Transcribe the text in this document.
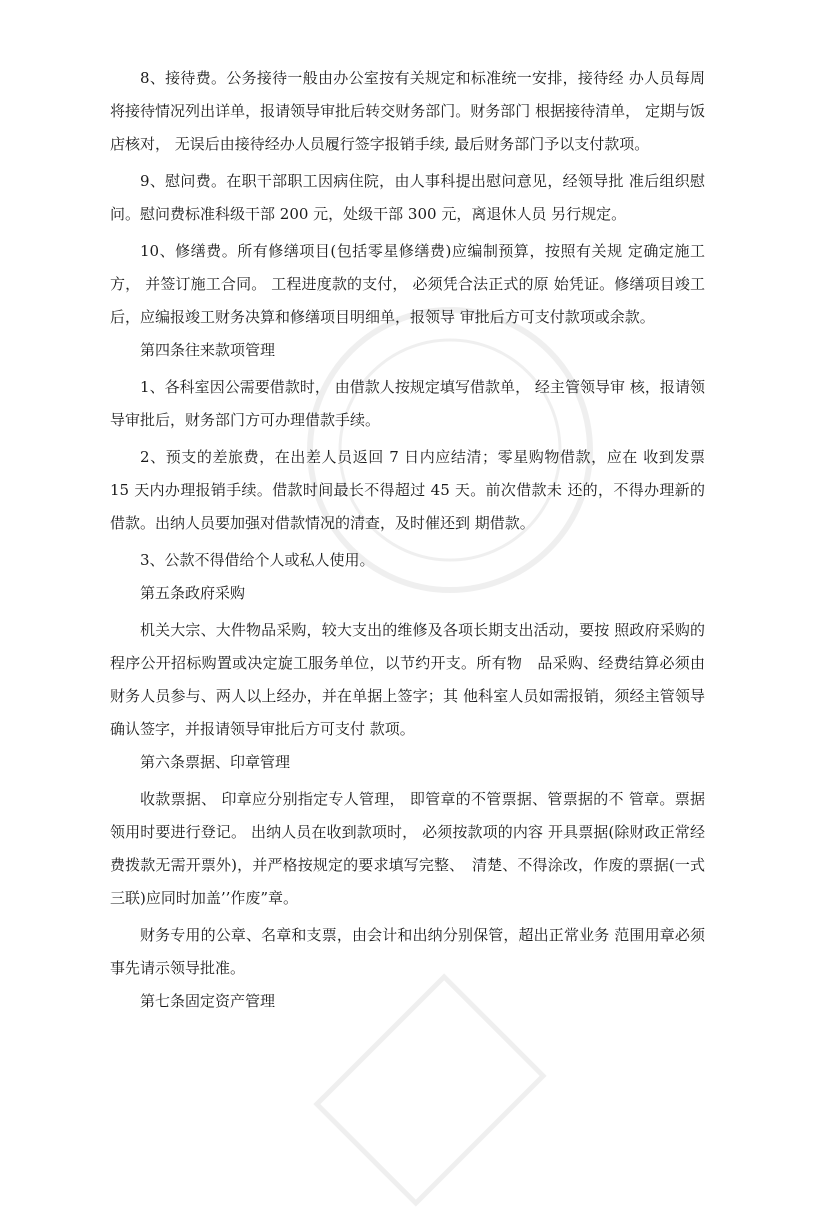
8、接待费。公务接待一般由办公室按有关规定和标准统一安排，接待经 办人员每周将接待情况列出详单，报请领导审批后转交财务部门。财务部门 根据接待清单， 定期与饭店核对， 无误后由接待经办人员履行签字报销手续, 最后财务部门予以支付款项。

9、慰问费。在职干部职工因病住院，由人事科提出慰问意见，经领导批 准后组织慰问。慰问费标准科级干部 200 元，处级干部 300 元，离退休人员 另行规定。

10、修缮费。所有修缮项目(包括零星修缮费)应编制预算，按照有关规 定确定施工方， 并签订施工合同。 工程进度款的支付， 必须凭合法正式的原 始凭证。修缮项目竣工后，应编报竣工财务决算和修缮项目明细单，报领导 审批后方可支付款项或余款。

第四条往来款项管理

1、各科室因公需要借款时， 由借款人按规定填写借款单， 经主管领导审 核，报请领导审批后，财务部门方可办理借款手续。

2、预支的差旅费，在出差人员返回 7 日内应结清；零星购物借款，应在 收到发票 15 天内办理报销手续。借款时间最长不得超过 45 天。前次借款未 还的，不得办理新的借款。出纳人员要加强对借款情况的清查，及时催还到 期借款。

3、公款不得借给个人或私人使用。

第五条政府采购

机关大宗、大件物品采购，较大支出的维修及各项长期支出活动，要按 照政府采购的程序公开招标购置或决定旋工服务单位，以节约开支。所有物　品采购、经费结算必须由财务人员参与、两人以上经办，并在单据上签字；其 他科室人员如需报销，须经主管领导确认签字，并报请领导审批后方可支付 款项。

第六条票据、印章管理

收款票据、 印章应分别指定专人管理， 即管章的不管票据、管票据的不 管章。票据领用时要进行登记。 出纳人员在收到款项时， 必须按款项的内容 开具票据(除财政正常经费拨款无需开票外)，并严格按规定的要求填写完整、　清楚、不得涂改，作废的票据(一式三联)应同时加盖’’作废”章。

财务专用的公章、名章和支票，由会计和出纳分别保管，超出正常业务 范围用章必须事先请示领导批准。

第七条固定资产管理
